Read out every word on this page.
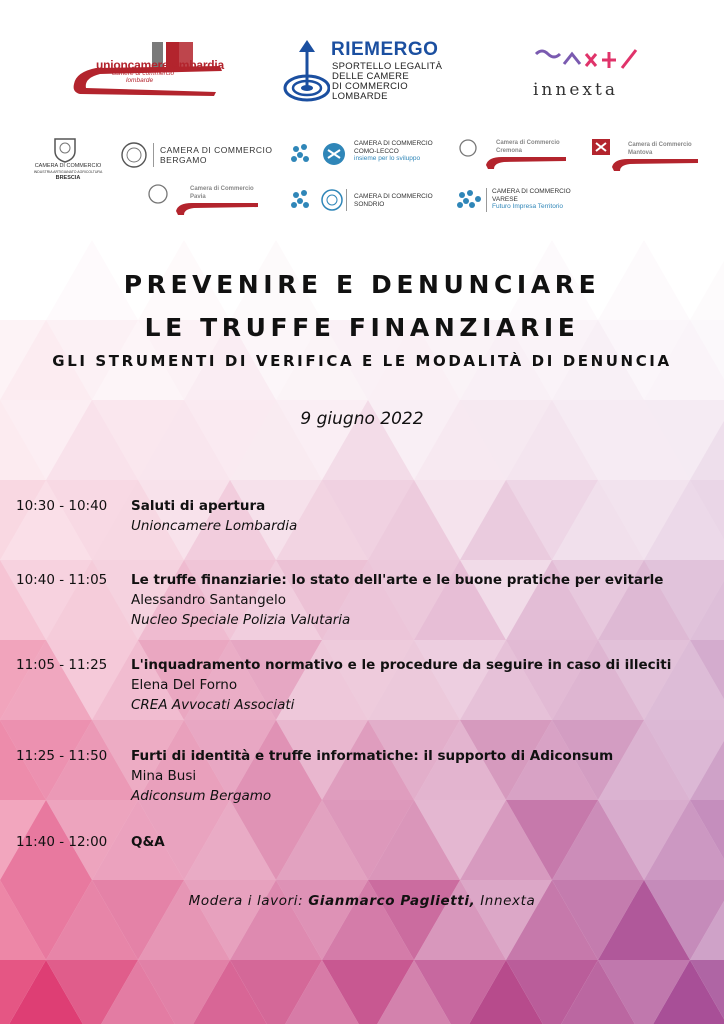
unioncamerelombardia
camere di commercio
lombarde
RIEMERGO
SPORTELLO LEGALITÀ
DELLE CAMERE
DI COMMERCIO
LOMBARDE	innexta
CAMERA DI COMMERCIO
INDUSTRIA ARTIGIANATO AGRICOLTURA
BRESCIA
CAMERA DI COMMERCIO
BERGAMO
CAMERA DI COMMERCIO
COMO-LECCO
insieme per lo sviluppo
Camera di Commercio
Cremona
Camera di Commercio
Mantova
Camera di Commercio
Pavia	CAMERA DI COMMERCIO
SONDRIO
CAMERA DI COMMERCIO
VARESE
Futuro Impresa Territorio
PREVENIRE E DENUNCIARE
LE TRUFFE FINANZIARIE
GLI STRUMENTI DI VERIFICA E LE MODALITÀ DI DENUNCIA
9 giugno 2022
10:30 - 10:40 Saluti di apertura
Unioncamere Lombardia
10:40 - 11:05 Le truffe finanziarie: lo stato dell'arte e le buone pratiche per evitarle
Alessandro Santangelo
Nucleo Speciale Polizia Valutaria
11:05 - 11:25 L'inquadramento normativo e le procedure da seguire in caso di illeciti
Elena Del Forno
CREA Avvocati Associati
11:25 - 11:50 Furti di identità e truffe informatiche: il supporto di Adiconsum
Mina Busi
Adiconsum Bergamo
11:40 - 12:00 Q&A
Modera i lavori: Gianmarco Paglietti, Innexta
